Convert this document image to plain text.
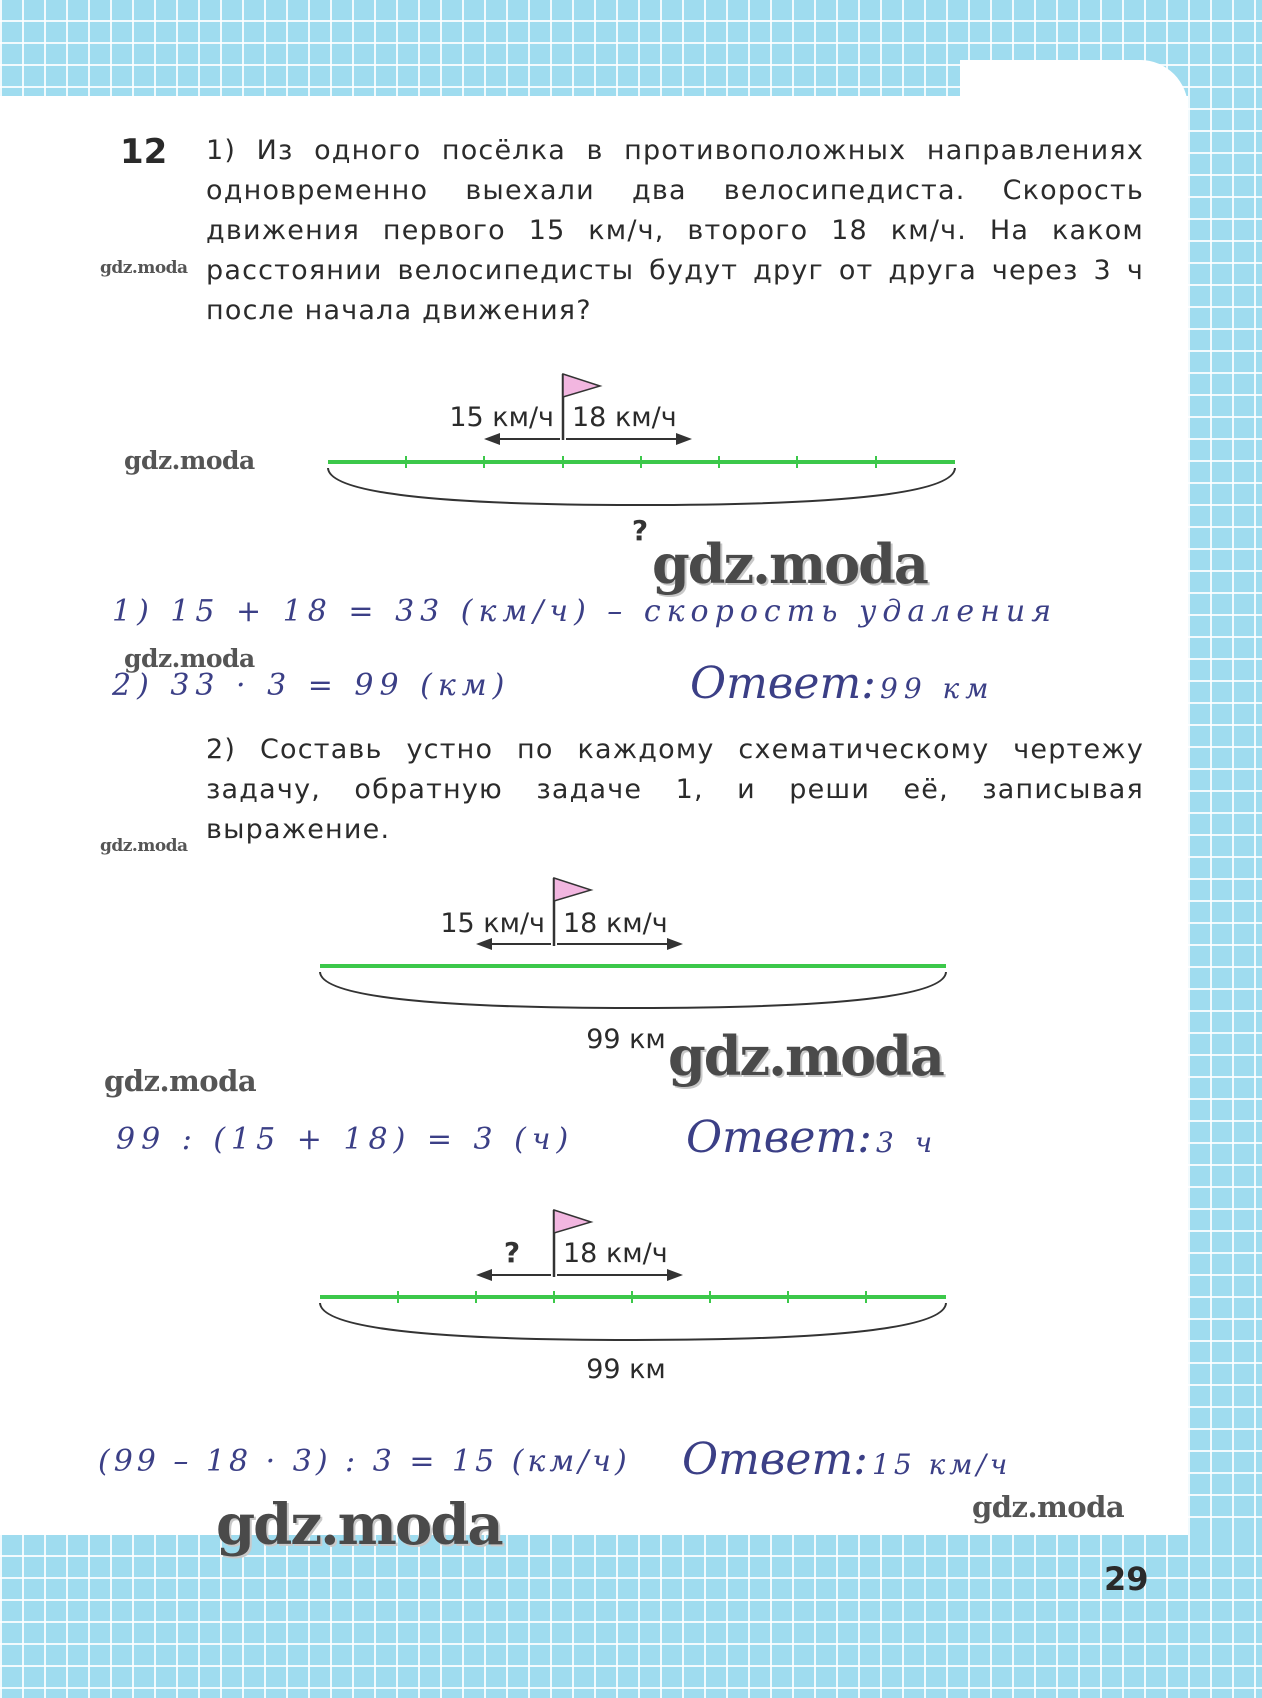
12 1) Из одного посёлка в противоположных направлениях одновременно выехали два велосипедиста. Скорость движения первого 15 км/ч, второго 18 км/ч. На каком расстоянии велосипедисты будут друг от друга через 3 ч после начала движения?

15 км/ч 18 км/ч
?
15 км/ч 18 км/ч
99 км
? 18 км/ч
99 км
1) 15 + 18 = 33 (км/ч) – скорость удаления
2) 33 · 3 = 99 (км)	Ответ: 99 км

2) Составь устно по каждому схематическому чертежу задачу, обратную задаче 1, и реши её, записывая выражение.

99 : (15 + 18) = 3 (ч)	Ответ: 3 ч
(99 – 18 · 3) : 3 = 15 (км/ч) Ответ: 15 км/ч
gdz.moda
gdz.moda
gdz.moda
gdz.moda
gdz.moda
gdz.moda
gdz.moda
gdz.moda
gdz.moda
29
